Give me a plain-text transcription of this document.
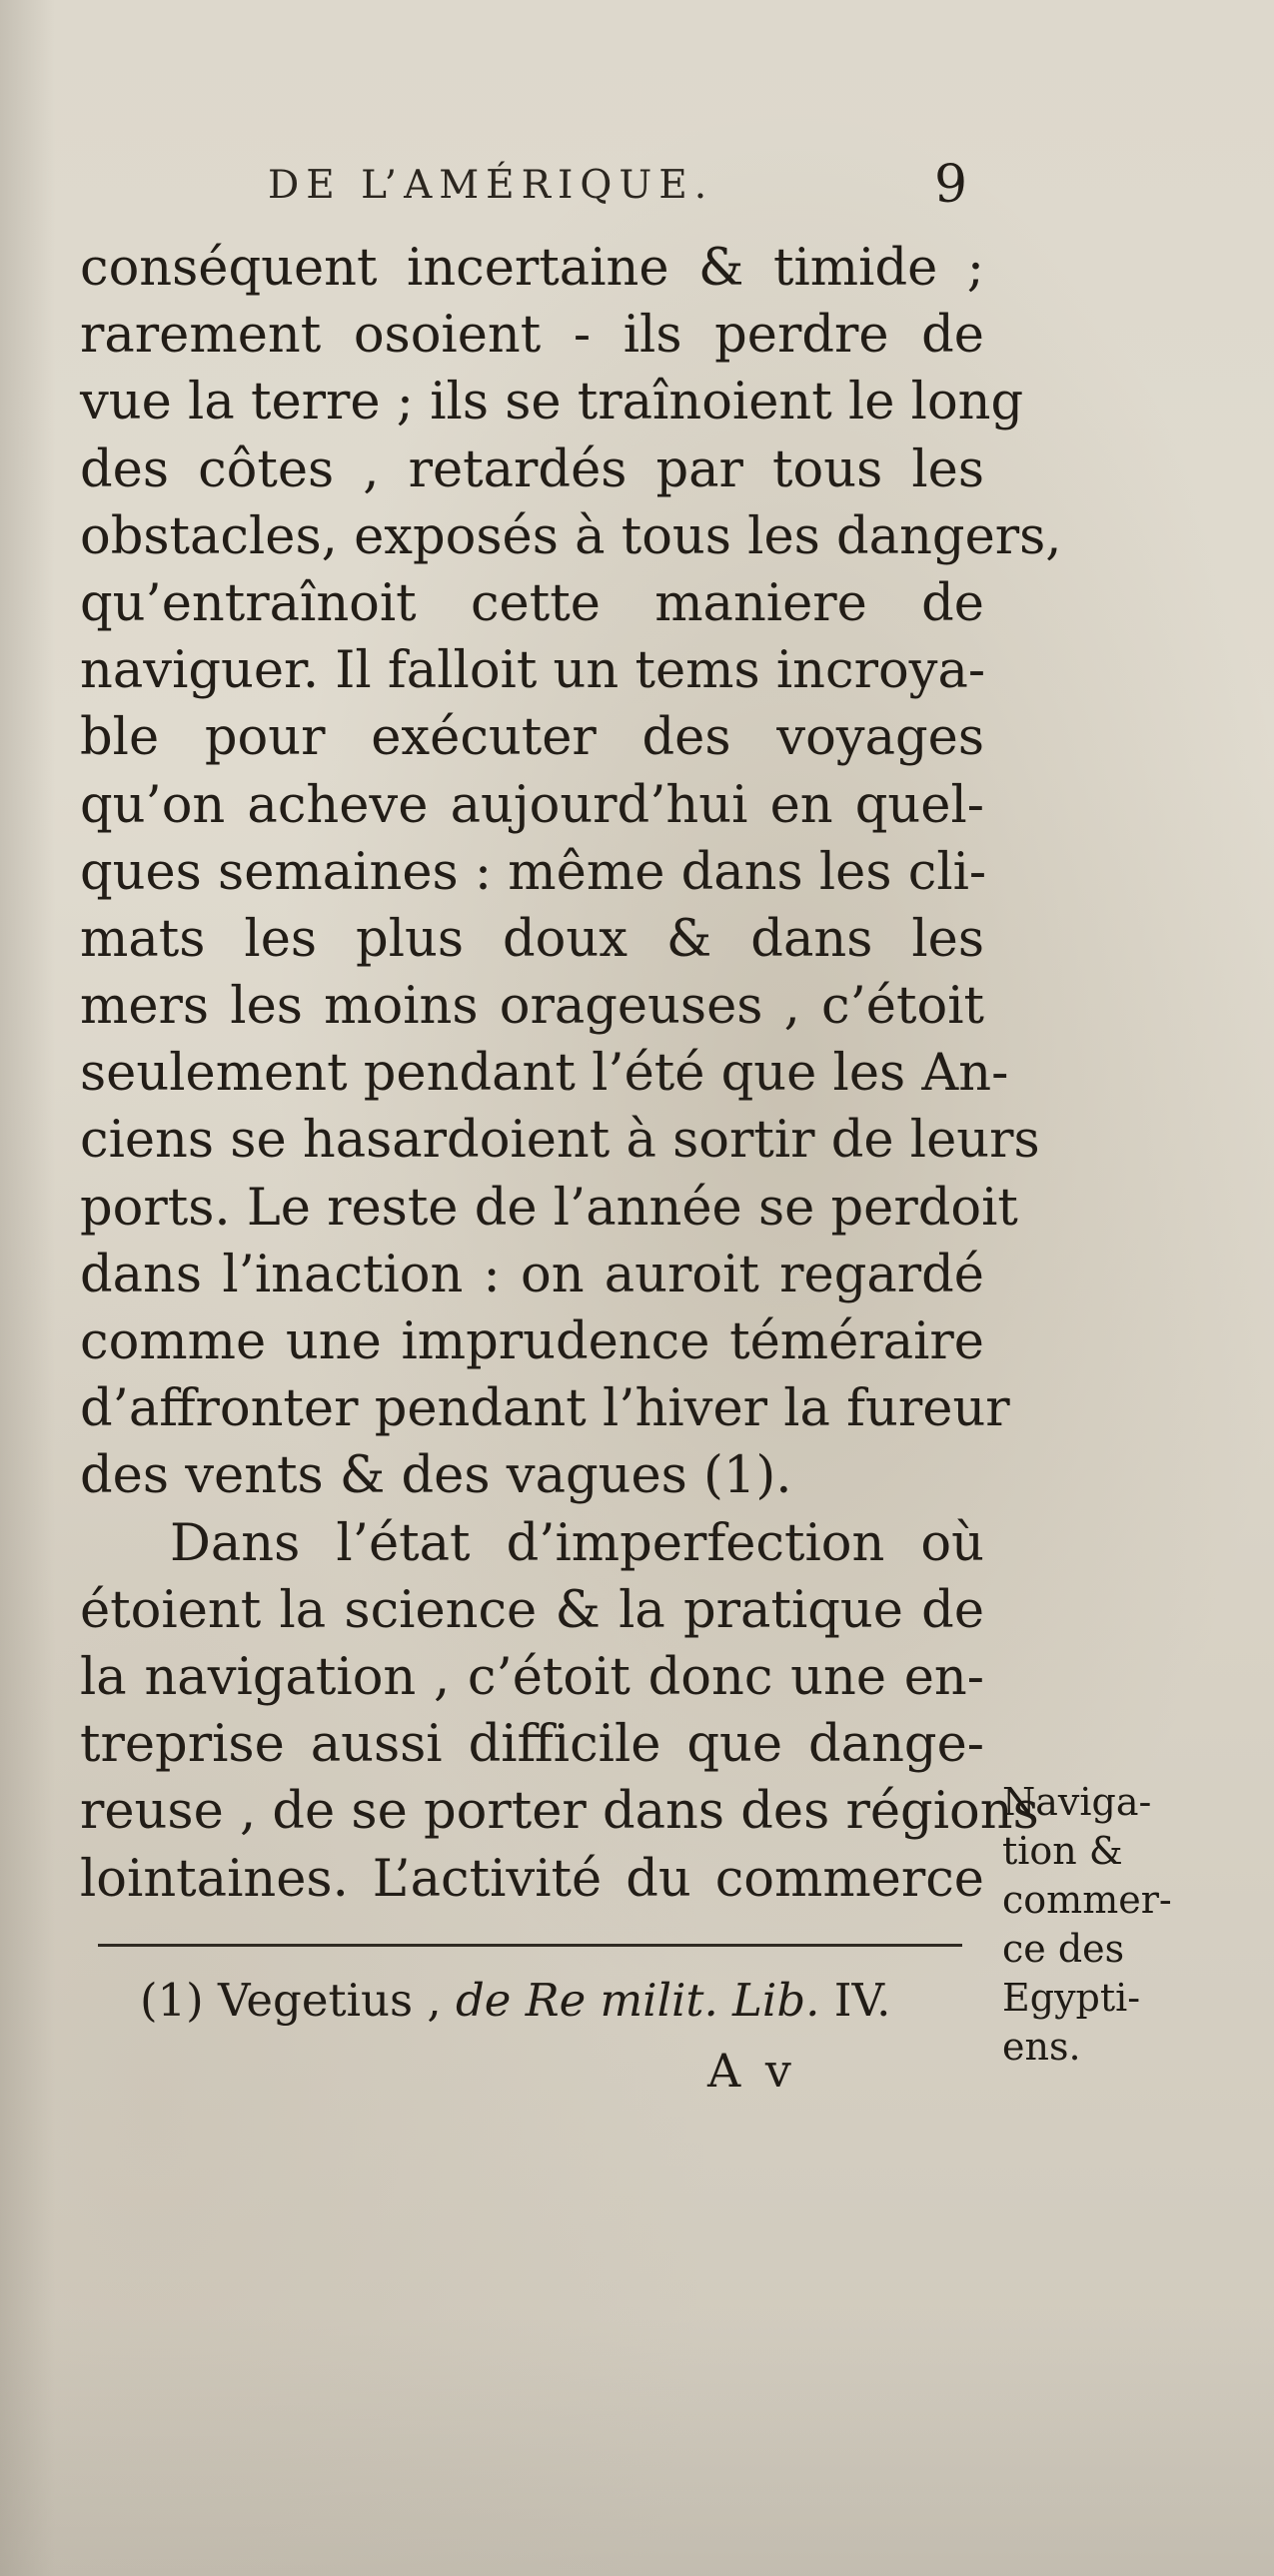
DE L’AMÉRIQUE.	9
conséquent incertaine & timide ;
rarement osoient - ils perdre de
vue la terre ; ils se traînoient le long
des côtes , retardés par tous les
obstacles, exposés à tous les dangers,
qu’entraînoit cette maniere de
naviguer. Il falloit un tems incroya-
ble pour exécuter des voyages
qu’on acheve aujourd’hui en quel-
ques semaines : même dans les cli-
mats les plus doux & dans les
mers les moins orageuses , c’étoit
seulement pendant l’été que les An-
ciens se hasardoient à sortir de leurs
ports. Le reste de l’année se perdoit
dans l’inaction : on auroit regardé
comme une imprudence téméraire
d’affronter pendant l’hiver la fureur
des vents & des vagues (1).
Dans l’état d’imperfection où
étoient la science & la pratique de
la navigation , c’étoit donc une en-
treprise aussi difficile que dange-
reuse , de se porter dans des régions
lointaines. L’activité du commerce
Naviga-
tion &
commer-
ce des
Egypti-
ens.
(1) Vegetius , de Re milit. Lib. IV.
A v
